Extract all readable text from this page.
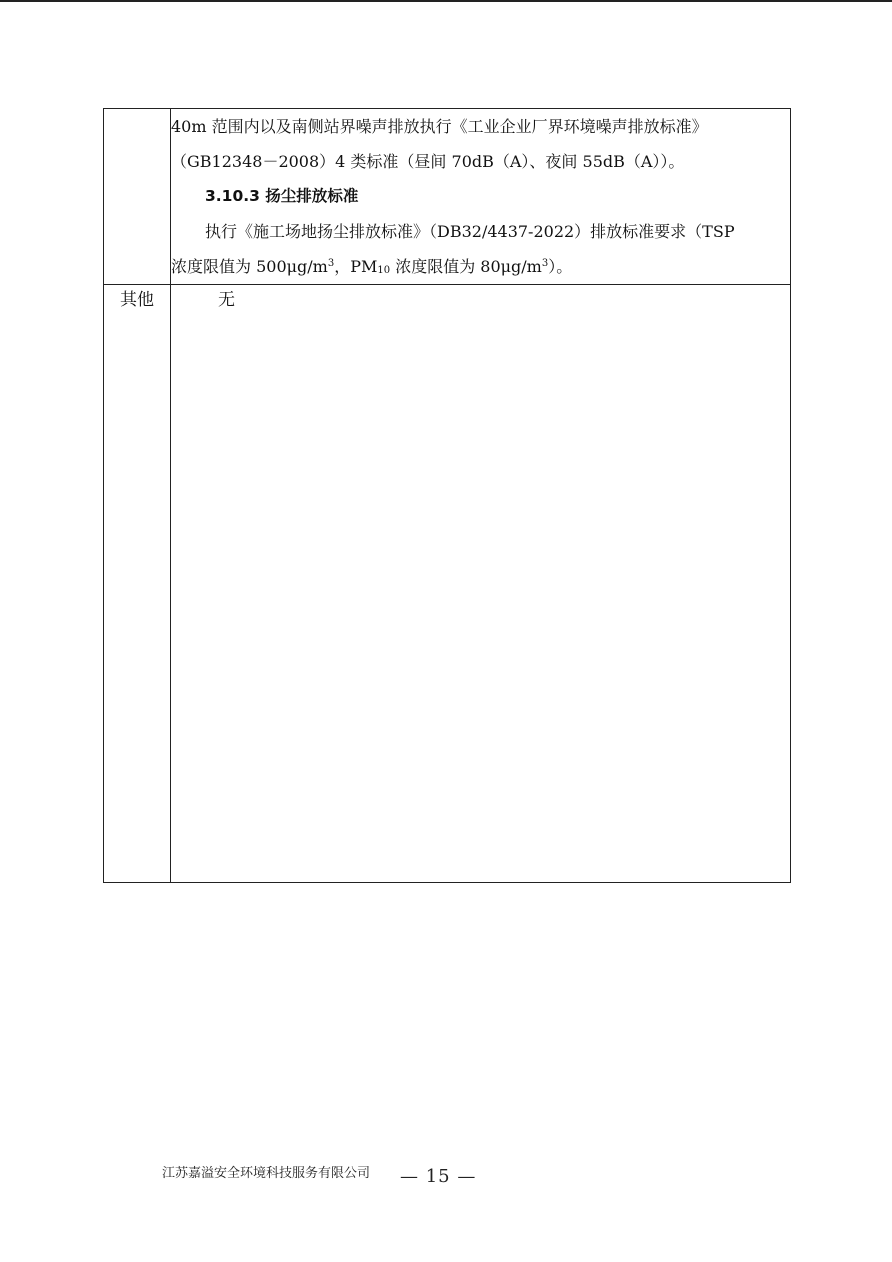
	40m 范围内以及南侧站界噪声排放执行《工业企业厂界环境噪声排放标准》
（GB12348－2008）4 类标准（昼间 70dB（A）、夜间 55dB（A））。
3.10.3 扬尘排放标准
执行《施工场地扬尘排放标准》（DB32/4437-2022）排放标准要求（TSP
浓度限值为 $500\mu g/m^3$，$PM_{10}$ 浓度限值为 $80\mu g/m^3$）。

其他	无
江苏嘉溢安全环境科技服务有限公司 — 15 —
